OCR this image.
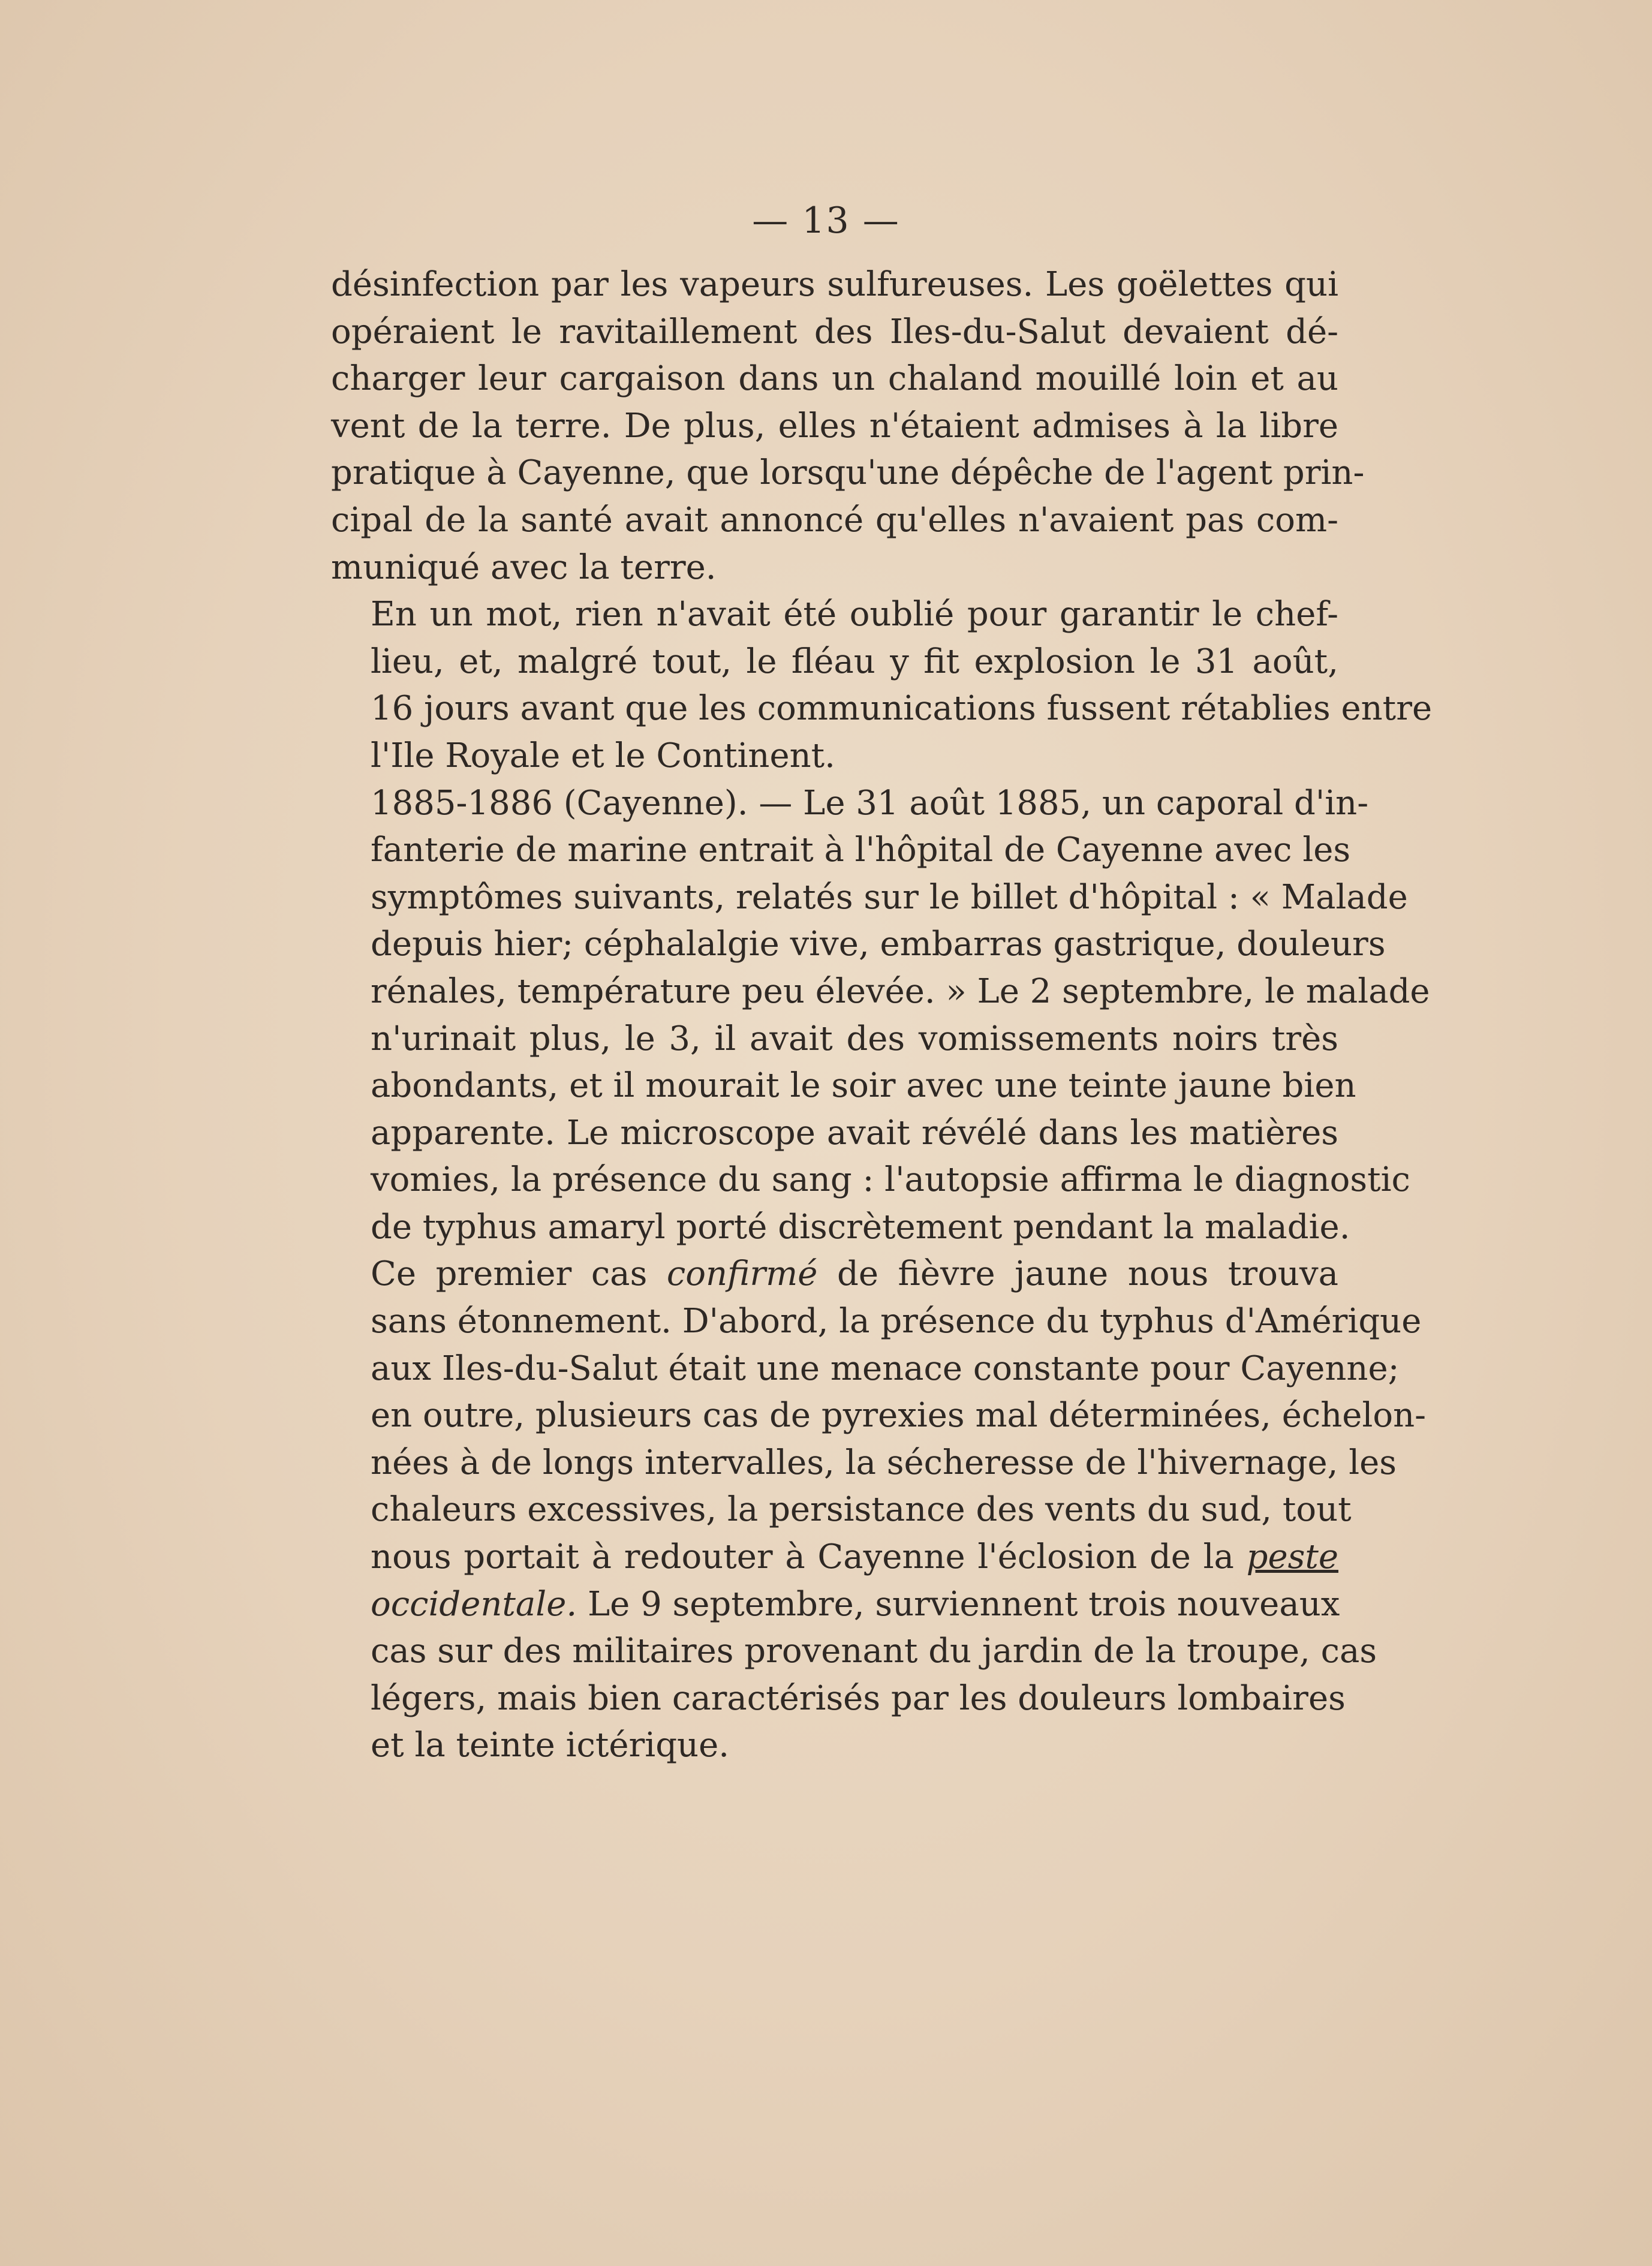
— 13 —
désinfection par les vapeurs sulfureuses. Les goëlettes qui
opéraient le ravitaillement des Iles-du-Salut devaient dé-
charger leur cargaison dans un chaland mouillé loin et au
vent de la terre. De plus, elles n'étaient admises à la libre
pratique à Cayenne, que lorsqu'une dépêche de l'agent prin-
cipal de la santé avait annoncé qu'elles n'avaient pas com-
muniqué avec la terre.
En un mot, rien n'avait été oublié pour garantir le chef-
lieu, et, malgré tout, le fléau y fit explosion le 31 août,
16 jours avant que les communications fussent rétablies entre
l'Ile Royale et le Continent.
1885-1886 (Cayenne). — Le 31 août 1885, un caporal d'in-
fanterie de marine entrait à l'hôpital de Cayenne avec les
symptômes suivants, relatés sur le billet d'hôpital : « Malade
depuis hier; céphalalgie vive, embarras gastrique, douleurs
rénales, température peu élevée. » Le 2 septembre, le malade
n'urinait plus, le 3, il avait des vomissements noirs très
abondants, et il mourait le soir avec une teinte jaune bien
apparente. Le microscope avait révélé dans les matières
vomies, la présence du sang : l'autopsie affirma le diagnostic
de typhus amaryl porté discrètement pendant la maladie.
Ce premier cas confirmé de fièvre jaune nous trouva
sans étonnement. D'abord, la présence du typhus d'Amérique
aux Iles-du-Salut était une menace constante pour Cayenne;
en outre, plusieurs cas de pyrexies mal déterminées, échelon-
nées à de longs intervalles, la sécheresse de l'hivernage, les
chaleurs excessives, la persistance des vents du sud, tout
nous portait à redouter à Cayenne l'éclosion de la peste
occidentale. Le 9 septembre, surviennent trois nouveaux
cas sur des militaires provenant du jardin de la troupe, cas
légers, mais bien caractérisés par les douleurs lombaires
et la teinte ictérique.
